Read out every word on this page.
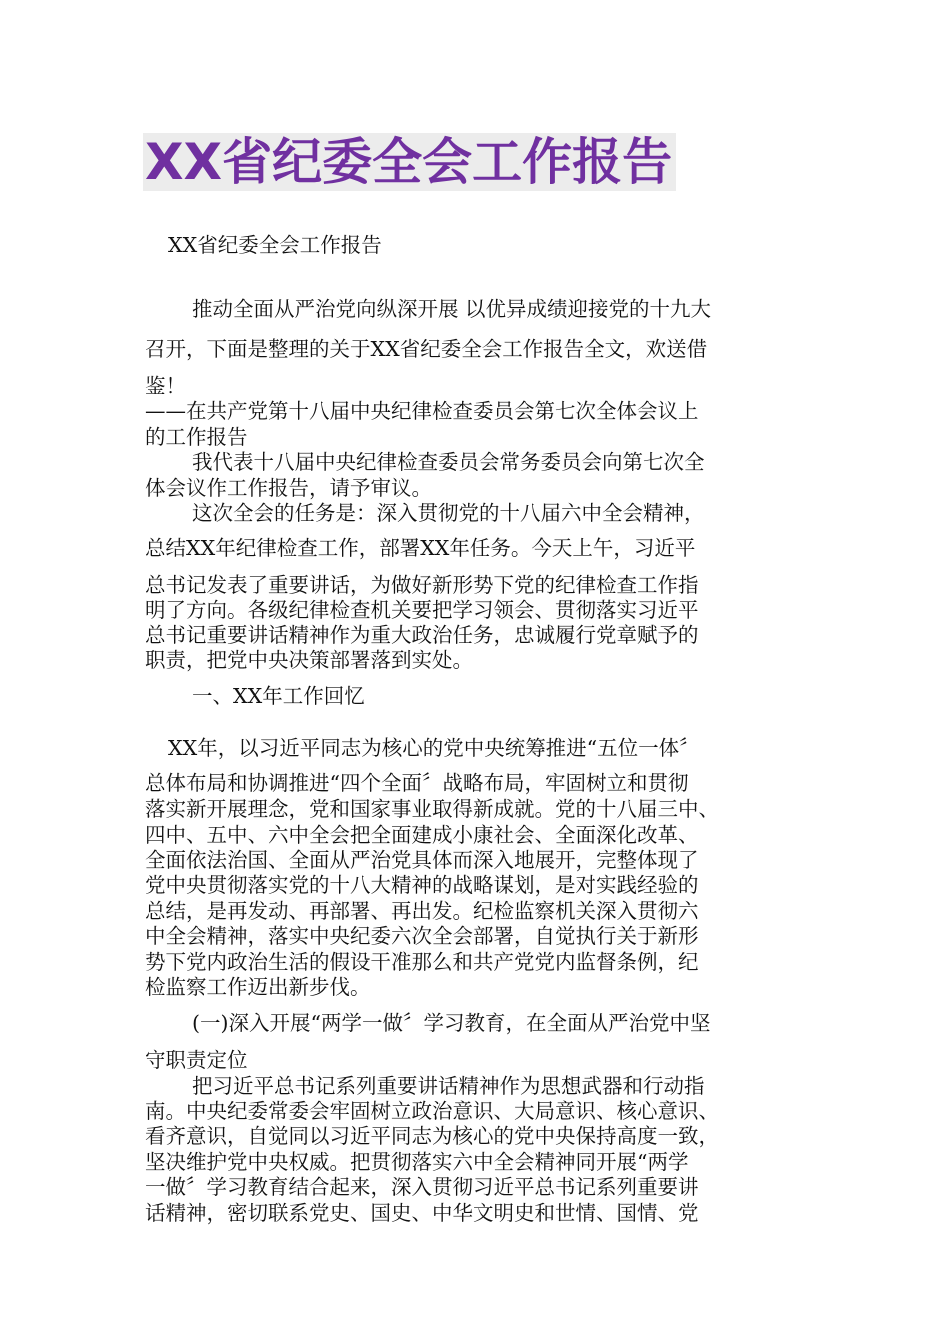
XX省纪委全会工作报告
XX省纪委全会工作报告
推动全面从严治党向纵深开展 以优异成绩迎接党的十九大
召开，下面是整理的关于XX省纪委全会工作报告全文，欢送借
鉴！
——在共产党第十八届中央纪律检查委员会第七次全体会议上
的工作报告
我代表十八届中央纪律检查委员会常务委员会向第七次全
体会议作工作报告，请予审议。
这次全会的任务是：深入贯彻党的十八届六中全会精神，
总结XX年纪律检查工作，部署XX年任务。今天上午，习近平
总书记发表了重要讲话，为做好新形势下党的纪律检查工作指
明了方向。各级纪律检查机关要把学习领会、贯彻落实习近平
总书记重要讲话精神作为重大政治任务，忠诚履行党章赋予的
职责，把党中央决策部署落到实处。
一、XX年工作回忆
XX年，以习近平同志为核心的党中央统筹推进“五位一体〞
总体布局和协调推进“四个全面〞战略布局，牢固树立和贯彻
落实新开展理念，党和国家事业取得新成就。党的十八届三中、
四中、五中、六中全会把全面建成小康社会、全面深化改革、
全面依法治国、全面从严治党具体而深入地展开，完整体现了
党中央贯彻落实党的十八大精神的战略谋划，是对实践经验的
总结，是再发动、再部署、再出发。纪检监察机关深入贯彻六
中全会精神，落实中央纪委六次全会部署，自觉执行关于新形
势下党内政治生活的假设干准那么和共产党党内监督条例，纪
检监察工作迈出新步伐。
(一)深入开展“两学一做〞学习教育，在全面从严治党中坚
守职责定位
把习近平总书记系列重要讲话精神作为思想武器和行动指
南。中央纪委常委会牢固树立政治意识、大局意识、核心意识、
看齐意识，自觉同以习近平同志为核心的党中央保持高度一致，
坚决维护党中央权威。把贯彻落实六中全会精神同开展“两学
一做〞学习教育结合起来，深入贯彻习近平总书记系列重要讲
话精神，密切联系党史、国史、中华文明史和世情、国情、党
